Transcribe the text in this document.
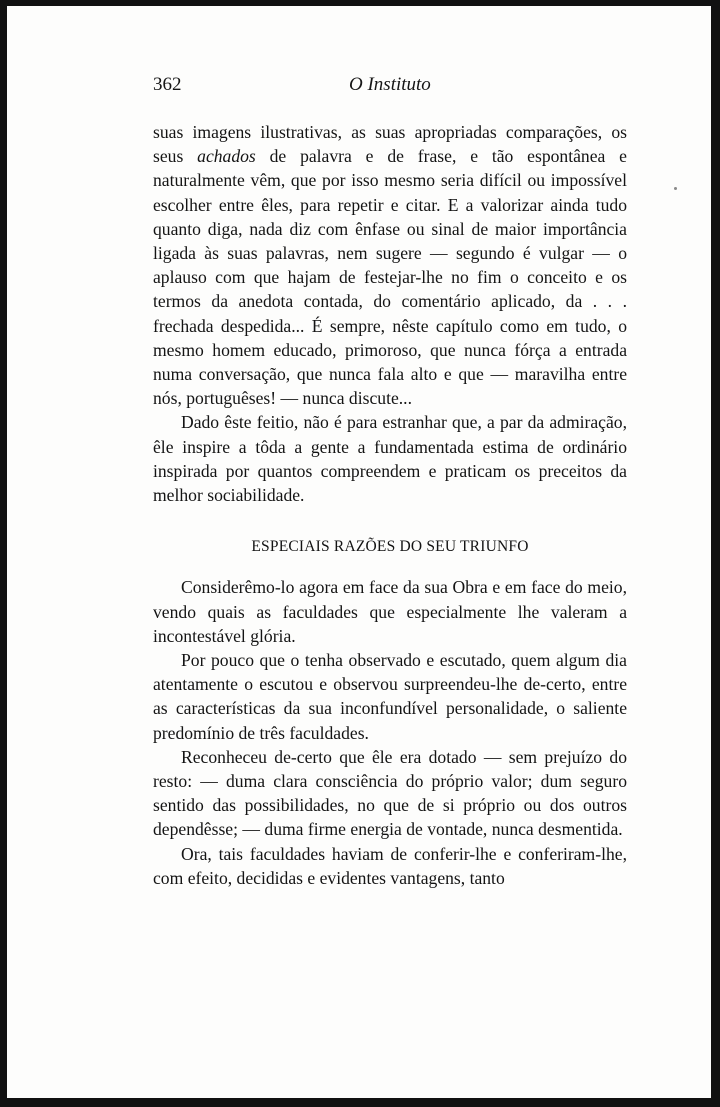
362	O Instituto

suas imagens ilustrativas, as suas apropriadas comparações, os seus achados de palavra e de frase, e tão espontânea e naturalmente vêm, que por isso mesmo seria difícil ou impossível escolher entre êles, para repetir e citar. E a valorizar ainda tudo quanto diga, nada diz com ênfase ou sinal de maior importância ligada às suas palavras, nem sugere — segundo é vulgar — o aplauso com que hajam de festejar-lhe no fim o conceito e os termos da anedota contada, do comentário aplicado, da . . . frechada despedida... É sempre, nêste capítulo como em tudo, o mesmo homem educado, primoroso, que nunca fórça a entrada numa conversação, que nunca fala alto e que — maravilha entre nós, portuguêses! — nunca discute...

Dado êste feitio, não é para estranhar que, a par da admiração, êle inspire a tôda a gente a fundamentada estima de ordinário inspirada por quantos compreendem e praticam os preceitos da melhor sociabilidade.

ESPECIAIS RAZÕES DO SEU TRIUNFO

Considerêmo-lo agora em face da sua Obra e em face do meio, vendo quais as faculdades que especialmente lhe valeram a incontestável glória.

Por pouco que o tenha observado e escutado, quem algum dia atentamente o escutou e observou surpreendeu-lhe de-certo, entre as características da sua inconfundível personalidade, o saliente predomínio de três faculdades.

Reconheceu de-certo que êle era dotado — sem prejuízo do resto: — duma clara consciência do próprio valor; dum seguro sentido das possibilidades, no que de si próprio ou dos outros dependêsse; — duma firme energia de vontade, nunca desmentida.

Ora, tais faculdades haviam de conferir-lhe e conferiram-lhe, com efeito, decididas e evidentes vantagens, tanto
